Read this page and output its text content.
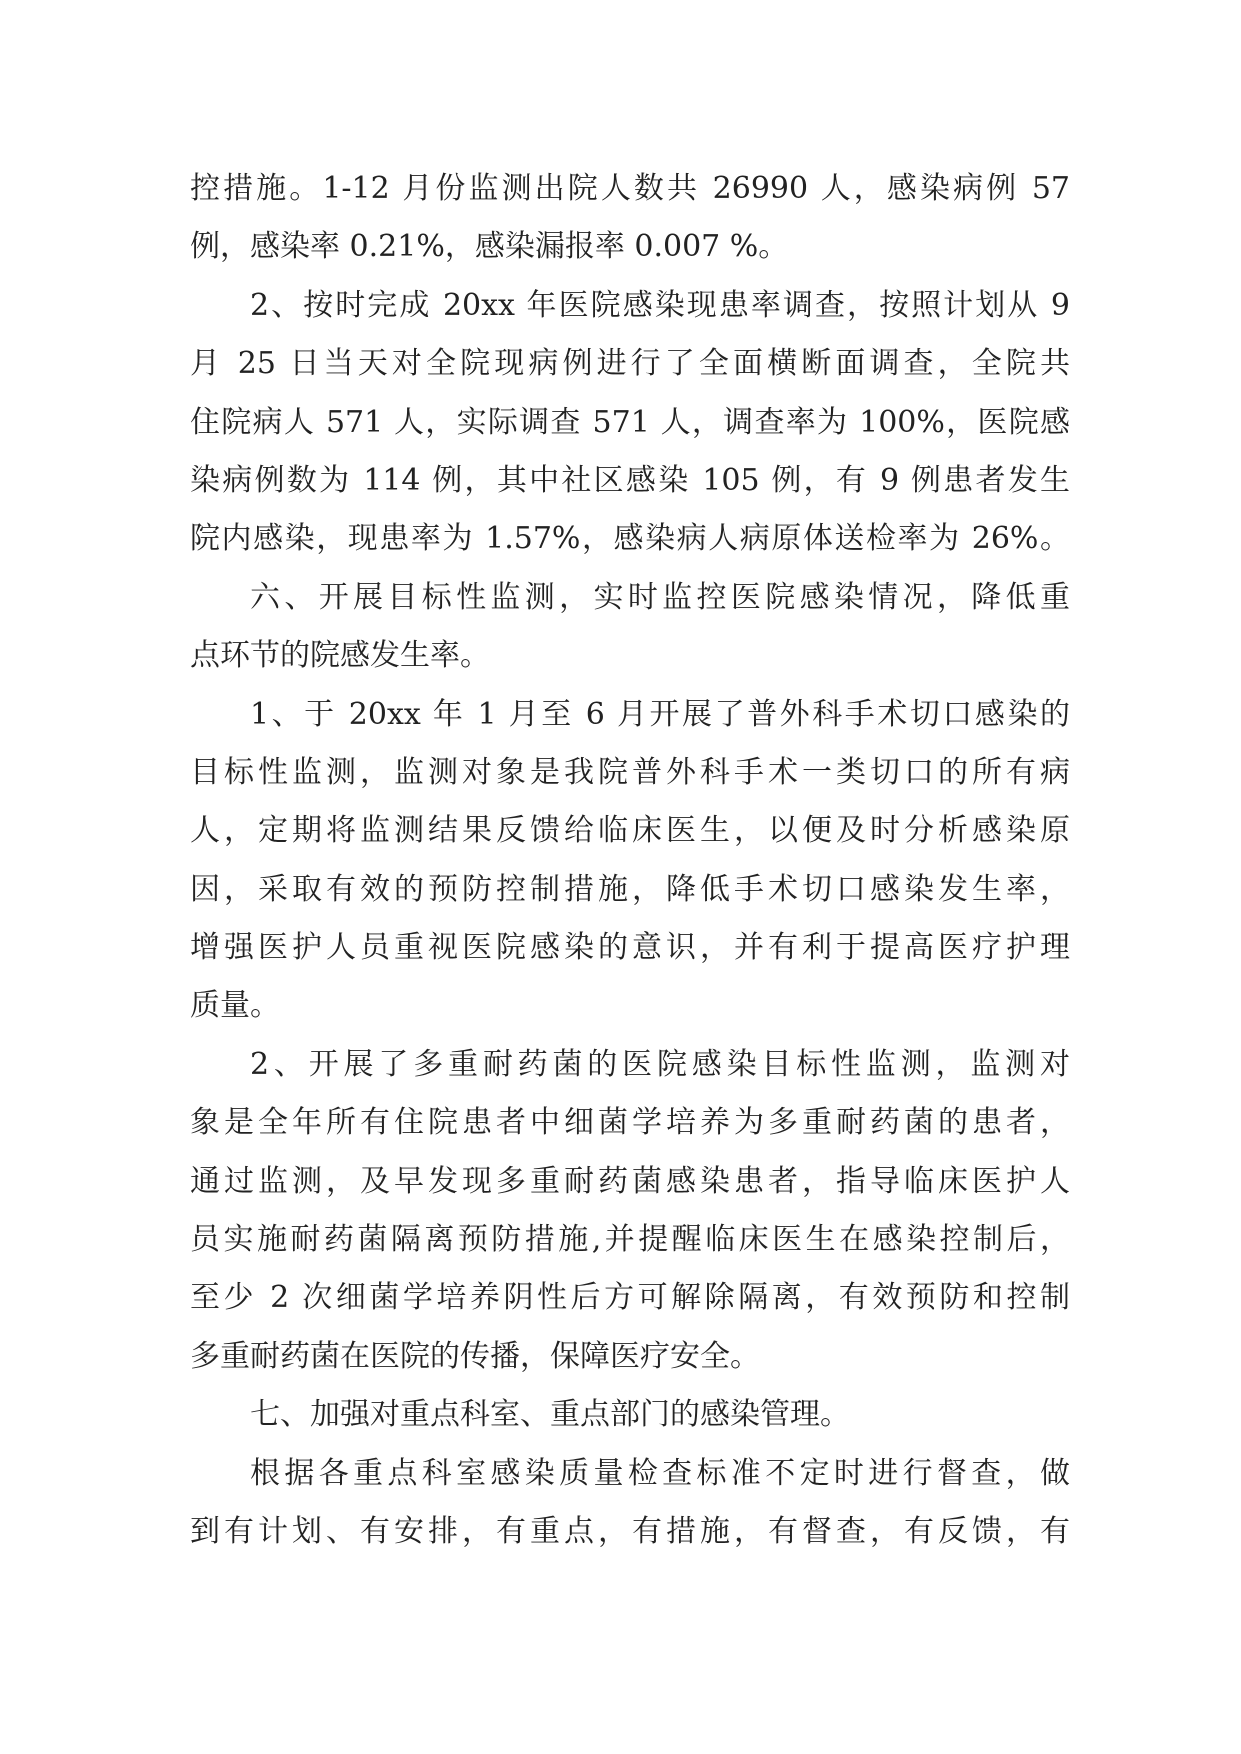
控措施。1-12 月份监测出院人数共 26990 人，感染病例 57
例，感染率 0.21%，感染漏报率 0.007 %。
2、按时完成 20xx 年医院感染现患率调查，按照计划从 9
月 25 日当天对全院现病例进行了全面横断面调查，全院共
住院病人 571 人，实际调查 571 人，调查率为 100%，医院感
染病例数为 114 例，其中社区感染 105 例，有 9 例患者发生
院内感染，现患率为 1.57%，感染病人病原体送检率为 26%。
六、开展目标性监测，实时监控医院感染情况，降低重
点环节的院感发生率。
1、于 20xx 年 1 月至 6 月开展了普外科手术切口感染的
目标性监测，监测对象是我院普外科手术一类切口的所有病
人，定期将监测结果反馈给临床医生，以便及时分析感染原
因，采取有效的预防控制措施，降低手术切口感染发生率，
增强医护人员重视医院感染的意识，并有利于提高医疗护理
质量。
2、开展了多重耐药菌的医院感染目标性监测，监测对
象是全年所有住院患者中细菌学培养为多重耐药菌的患者，
通过监测，及早发现多重耐药菌感染患者，指导临床医护人
员实施耐药菌隔离预防措施,并提醒临床医生在感染控制后，
至少 2 次细菌学培养阴性后方可解除隔离，有效预防和控制
多重耐药菌在医院的传播，保障医疗安全。
七、加强对重点科室、重点部门的感染管理。
根据各重点科室感染质量检查标准不定时进行督查，做
到有计划、有安排，有重点，有措施，有督查，有反馈，有
